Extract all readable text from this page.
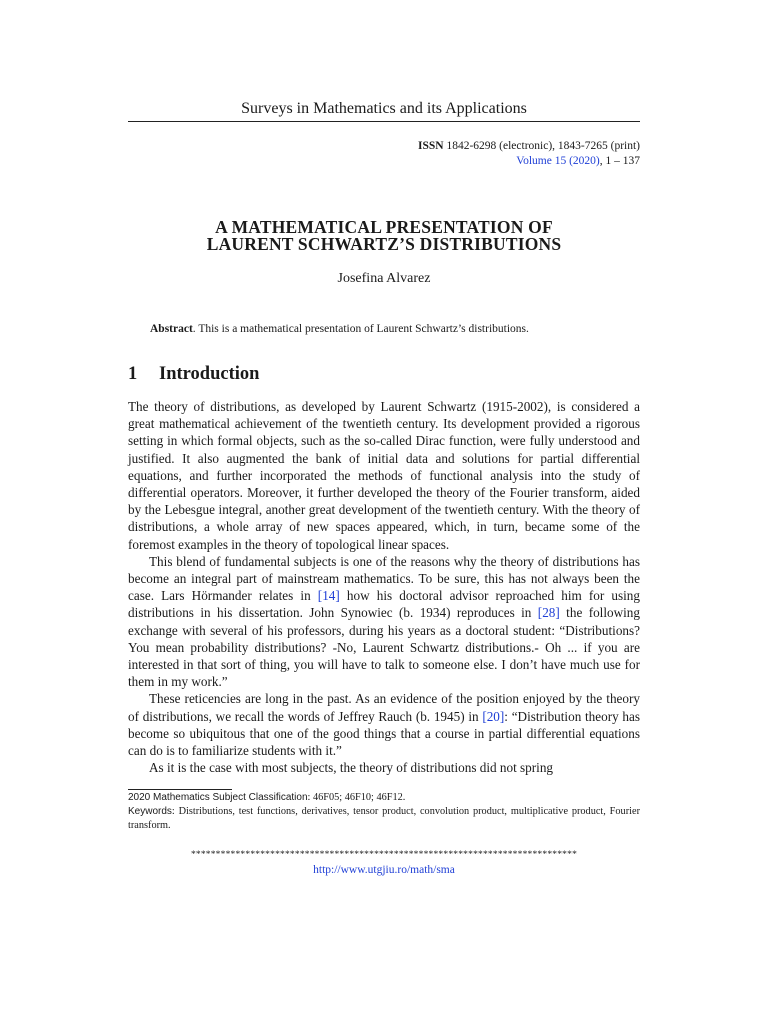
Surveys in Mathematics and its Applications
ISSN 1842-6298 (electronic), 1843-7265 (print)
Volume 15 (2020), 1 – 137
A MATHEMATICAL PRESENTATION OF
LAURENT SCHWARTZ’S DISTRIBUTIONS
Josefina Alvarez
Abstract. This is a mathematical presentation of Laurent Schwartz’s distributions.
1 Introduction

The theory of distributions, as developed by Laurent Schwartz (1915-2002), is considered a great mathematical achievement of the twentieth century. Its development provided a rigorous setting in which formal objects, such as the so-called Dirac function, were fully understood and justified. It also augmented the bank of initial data and solutions for partial differential equations, and further incorporated the methods of functional analysis into the study of differential operators. Moreover, it further developed the theory of the Fourier transform, aided by the Lebesgue integral, another great development of the twentieth century. With the theory of distributions, a whole array of new spaces appeared, which, in turn, became some of the foremost examples in the theory of topological linear spaces.

This blend of fundamental subjects is one of the reasons why the theory of distributions has become an integral part of mainstream mathematics. To be sure, this has not always been the case. Lars Hörmander relates in [14] how his doctoral advisor reproached him for using distributions in his dissertation. John Synowiec (b. 1934) reproduces in [28] the following exchange with several of his professors, during his years as a doctoral student: “Distributions? You mean probability distributions? -No, Laurent Schwartz distributions.- Oh ... if you are interested in that sort of thing, you will have to talk to someone else. I don’t have much use for them in my work.”

These reticencies are long in the past. As an evidence of the position enjoyed by the theory of distributions, we recall the words of Jeffrey Rauch (b. 1945) in [20]: “Distribution theory has become so ubiquitous that one of the good things that a course in partial differential equations can do is to familiarize students with it.”

As it is the case with most subjects, the theory of distributions did not spring

2020 Mathematics Subject Classification: 46F05; 46F10; 46F12.

Keywords: Distributions, test functions, derivatives, tensor product, convolution product, multiplicative product, Fourier transform.

******************************************************************************
http://www.utgjiu.ro/math/sma
